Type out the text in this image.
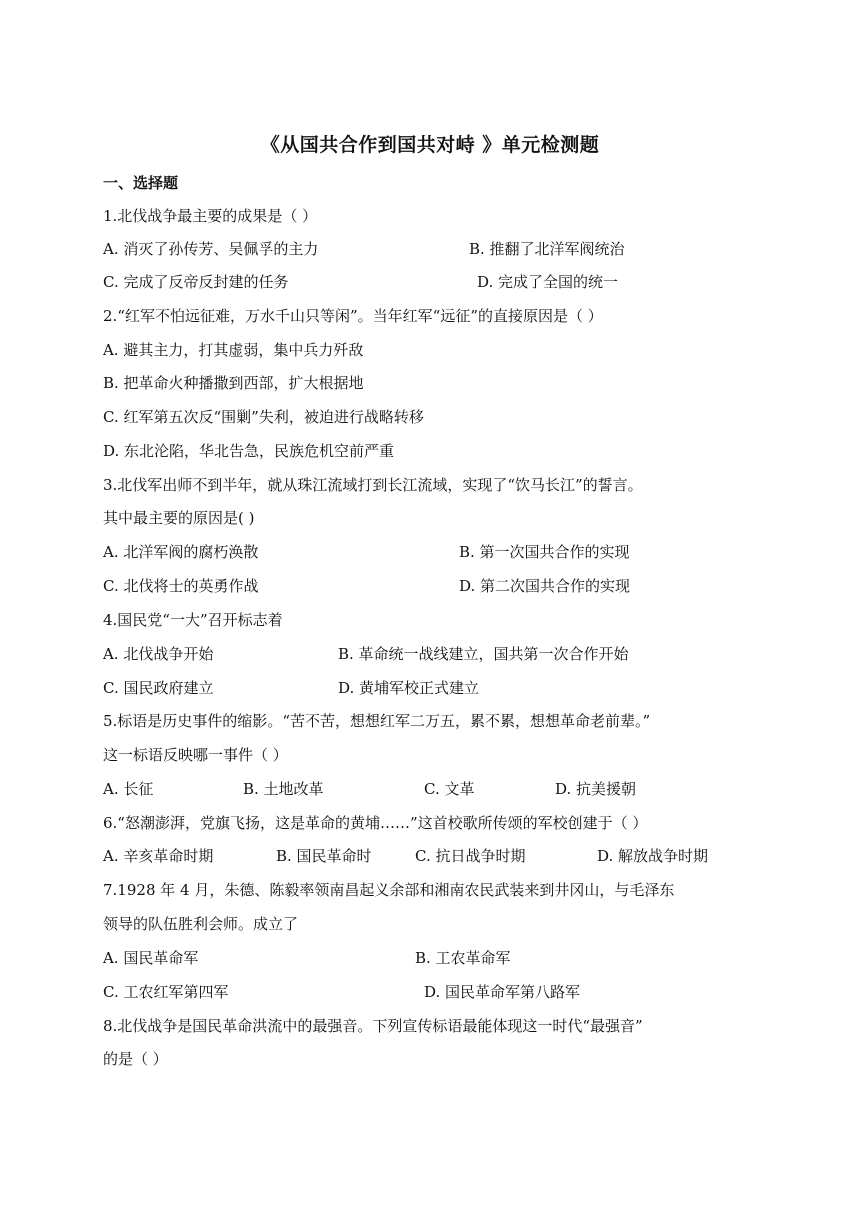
《从国共合作到国共对峙 》单元检测题
一、选择题
1.北伐战争最主要的成果是（ ）
A. 消灭了孙传芳、吴佩孚的主力	B. 推翻了北洋军阀统治
C. 完成了反帝反封建的任务	D. 完成了全国的统一
2.“红军不怕远征难，万水千山只等闲”。当年红军“远征”的直接原因是（ ）
A. 避其主力，打其虚弱，集中兵力歼敌
B. 把革命火种播撒到西部，扩大根据地
C. 红军第五次反“围剿”失利，被迫进行战略转移
D. 东北沦陷，华北告急，民族危机空前严重
3.北伐军出师不到半年，就从珠江流域打到长江流域，实现了“饮马长江”的誓言。
其中最主要的原因是( )
A. 北洋军阀的腐朽涣散	B. 第一次国共合作的实现
C. 北伐将士的英勇作战	D. 第二次国共合作的实现
4.国民党“一大”召开标志着
A. 北伐战争开始	B. 革命统一战线建立，国共第一次合作开始
C. 国民政府建立	D. 黄埔军校正式建立
5.标语是历史事件的缩影。“苦不苦，想想红军二万五，累不累，想想革命老前辈。”
这一标语反映哪一事件（ ）
A. 长征	B. 土地改革	C. 文革	D. 抗美援朝
6.“怒潮澎湃，党旗飞扬，这是革命的黄埔……”这首校歌所传颂的军校创建于（ ）
A. 辛亥革命时期	B. 国民革命时	C. 抗日战争时期	D. 解放战争时期
7.1928 年 4 月，朱德、陈毅率领南昌起义余部和湘南农民武装来到井冈山，与毛泽东
领导的队伍胜利会师。成立了
A. 国民革命军	B. 工农革命军
C. 工农红军第四军	D. 国民革命军第八路军
8.北伐战争是国民革命洪流中的最强音。下列宣传标语最能体现这一时代“最强音”
的是（ ）
